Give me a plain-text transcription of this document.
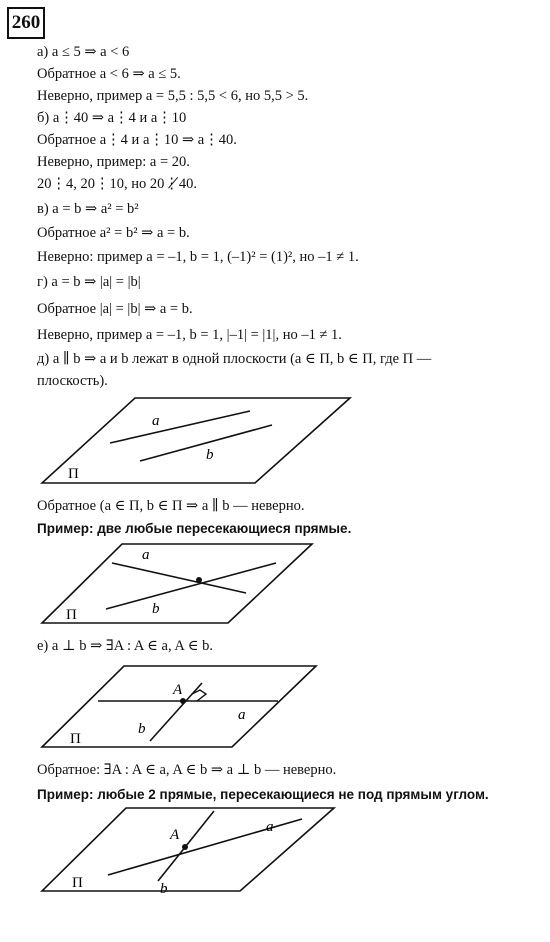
260
а) a ≤ 5 ⇒ a < 6
Обратное a < 6 ⇒ a ≤ 5.
Неверно, пример a = 5,5 : 5,5 < 6, но 5,5 > 5.
б) a⋮40 ⇒ a⋮4 и a⋮10
Обратное a⋮4 и a⋮10 ⇒ a⋮40.
Неверно, пример: a = 20.
20⋮4, 20⋮10, но 20⋮̸40.
в) a = b ⇒ a² = b²
Обратное a² = b² ⇒ a = b.
Неверно: пример a = –1, b = 1, (–1)² = (1)², но –1 ≠ 1.
г) a = b ⇒ |a| = |b|
Обратное |a| = |b| ⇒ a = b.
Неверно, пример a = –1, b = 1, |–1| = |1|, но –1 ≠ 1.
д) a ∥ b ⇒ a и b лежат в одной плоскости (a ∈ П, b ∈ П, где П —
плоскость).
a
b
П
Обратное (a ∈ П, b ∈ П ⇒ a ∥ b — неверно.
Пример: две любые пересекающиеся прямые.
a
b
П
е) a ⊥ b ⇒ ∃A : A ∈ a, A ∈ b.
A
a
b
П
Обратное: ∃A : A ∈ a, A ∈ b ⇒ a ⊥ b — неверно.
Пример: любые 2 прямые, пересекающиеся не под прямым углом.
A	a
b
П
